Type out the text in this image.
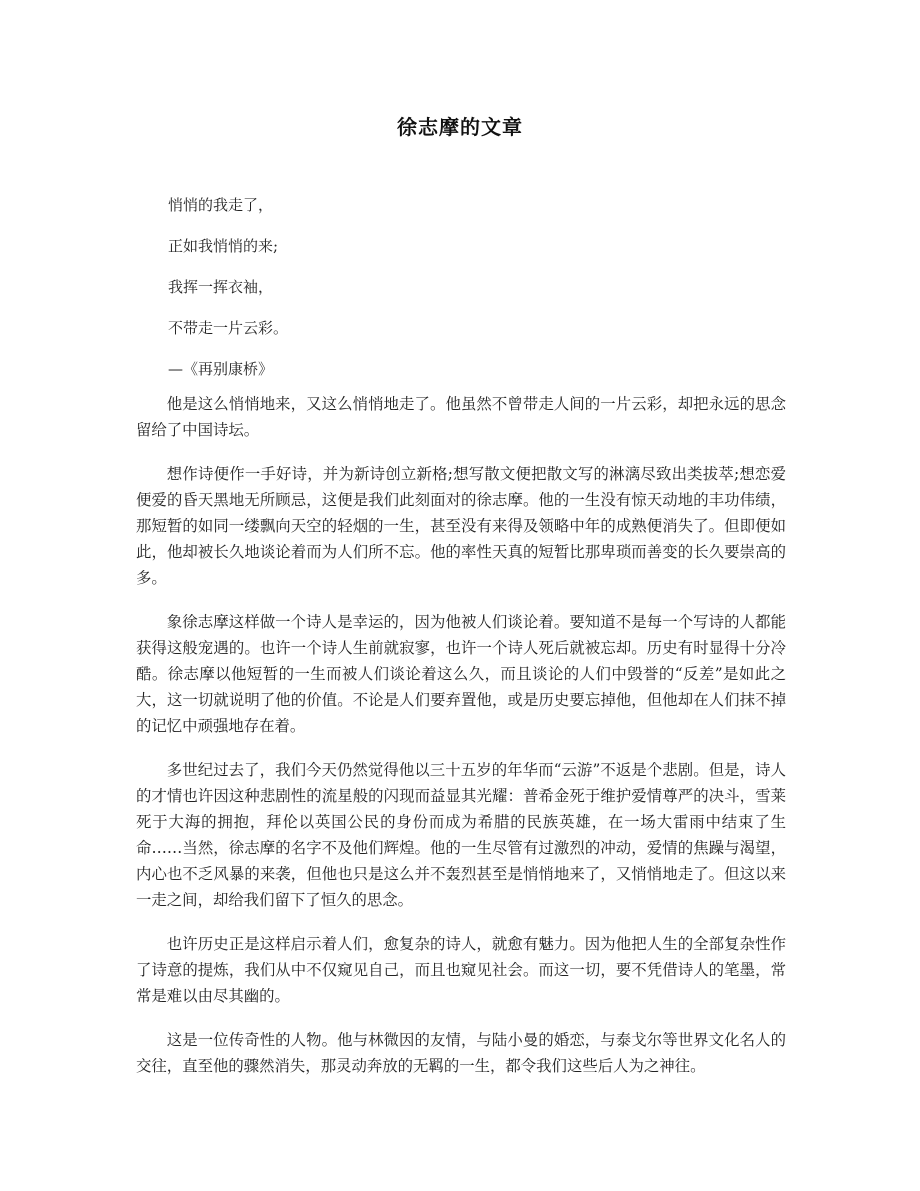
徐志摩的文章
悄悄的我走了，
正如我悄悄的来;
我挥一挥衣袖，
不带走一片云彩。
—《再别康桥》

他是这么悄悄地来，又这么悄悄地走了。他虽然不曾带走人间的一片云彩，却把永远的思念留给了中国诗坛。

想作诗便作一手好诗，并为新诗创立新格;想写散文便把散文写的淋漓尽致出类拔萃;想恋爱便爱的昏天黑地无所顾忌，这便是我们此刻面对的徐志摩。他的一生没有惊天动地的丰功伟绩，那短暂的如同一缕飘向天空的轻烟的一生，甚至没有来得及领略中年的成熟便消失了。但即便如此，他却被长久地谈论着而为人们所不忘。他的率性天真的短暂比那卑琐而善变的长久要崇高的多。

象徐志摩这样做一个诗人是幸运的，因为他被人们谈论着。要知道不是每一个写诗的人都能获得这般宠遇的。也许一个诗人生前就寂寥，也许一个诗人死后就被忘却。历史有时显得十分冷酷。徐志摩以他短暂的一生而被人们谈论着这么久，而且谈论的人们中毁誉的“反差”是如此之大，这一切就说明了他的价值。不论是人们要弃置他，或是历史要忘掉他，但他却在人们抹不掉的记忆中顽强地存在着。

多世纪过去了，我们今天仍然觉得他以三十五岁的年华而“云游”不返是个悲剧。但是，诗人的才情也许因这种悲剧性的流星般的闪现而益显其光耀：普希金死于维护爱情尊严的决斗，雪莱死于大海的拥抱，拜伦以英国公民的身份而成为希腊的民族英雄，在一场大雷雨中结束了生命……当然，徐志摩的名字不及他们辉煌。他的一生尽管有过激烈的冲动，爱情的焦躁与渴望，内心也不乏风暴的来袭，但他也只是这么并不轰烈甚至是悄悄地来了，又悄悄地走了。但这以来一走之间，却给我们留下了恒久的思念。

也许历史正是这样启示着人们，愈复杂的诗人，就愈有魅力。因为他把人生的全部复杂性作了诗意的提炼，我们从中不仅窥见自己，而且也窥见社会。而这一切，要不凭借诗人的笔墨，常常是难以由尽其幽的。

这是一位传奇性的人物。他与林微因的友情，与陆小曼的婚恋，与泰戈尔等世界文化名人的交往，直至他的骤然消失，那灵动奔放的无羁的一生，都令我们这些后人为之神往。
